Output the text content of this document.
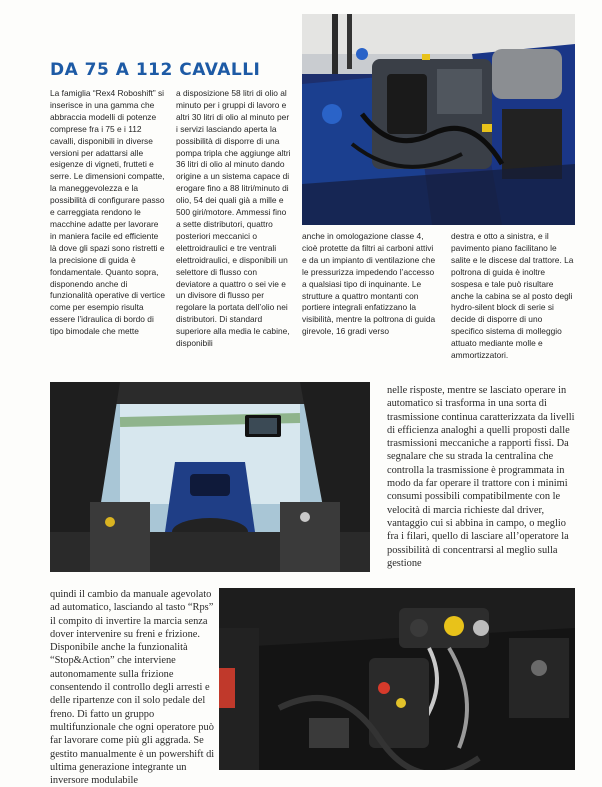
DA 75 A 112 CAVALLI

La famiglia “Rex4 Roboshift” si inserisce in una gamma che abbraccia modelli di potenze comprese fra i 75 e i 112 cavalli, disponibili in diverse versioni per adattarsi alle esigenze di vigneti, frutteti e serre. Le dimensioni compatte, la maneggevolezza e la possibilità di configurare passo e carreggiata rendono le macchine adatte per lavorare in maniera facile ed efficiente là dove gli spazi sono ristretti e la precisione di guida è fondamentale. Quanto sopra, disponendo anche di funzionalità operative di vertice come per esempio risulta essere l’idraulica di bordo di tipo bimodale che mette

a disposizione 58 litri di olio al minuto per i gruppi di lavoro e altri 30 litri di olio al minuto per i servizi lasciando aperta la possibilità di disporre di una pompa tripla che aggiunge altri 36 litri di olio al minuto dando origine a un sistema capace di erogare fino a 88 litri/minuto di olio, 54 dei quali già a mille e 500 giri/motore. Ammessi fino a sette distributori, quattro posteriori meccanici o elettroidraulici e tre ventrali elettroidraulici, e disponibili un selettore di flusso con deviatore a quattro o sei vie e un divisore di flusso per regolare la portata dell’olio nei distributori. Di standard superiore alla media le cabine, disponibili

anche in omologazione classe 4, cioè protette da filtri ai carboni attivi e da un impianto di ventilazione che le pressurizza impedendo l’accesso a qualsiasi tipo di inquinante. Le strutture a quattro montanti con portiere integrali enfatizzano la visibilità, mentre la poltrona di guida girevole, 16 gradi verso

destra e otto a sinistra, e il pavimento piano facilitano le salite e le discese dal trattore. La poltrona di guida è inoltre sospesa e tale può risultare anche la cabina se al posto degli hydro-silent block di serie si decide di disporre di uno specifico sistema di molleggio attuato mediante molle e ammortizzatori.

nelle risposte, mentre se lasciato operare in automatico si trasforma in una sorta di trasmissione continua caratterizzata da livelli di efficienza analoghi a quelli proposti dalle trasmissioni meccaniche a rapporti fissi. Da segnalare che su strada la centralina che controlla la trasmissione è programmata in modo da far operare il trattore con i minimi consumi possibili compatibilmente con le velocità di marcia richieste dal driver, vantaggio cui si abbina in campo, o meglio fra i filari, quello di lasciare all’operatore la possibilità di concentrarsi al meglio sulla gestione

quindi il cambio da manuale agevolato ad automatico, lasciando al tasto “Rps” il compito di invertire la marcia senza dover intervenire su freni e frizione. Disponibile anche la funzionalità “Stop&Action” che interviene autonomamente sulla frizione consentendo il controllo degli arresti e delle ripartenze con il solo pedale del freno. Di fatto un gruppo multifunzionale che ogni operatore può far lavorare come più gli aggrada. Se gestito manualmente è un powershift di ultima generazione integrante un inversore modulabile
